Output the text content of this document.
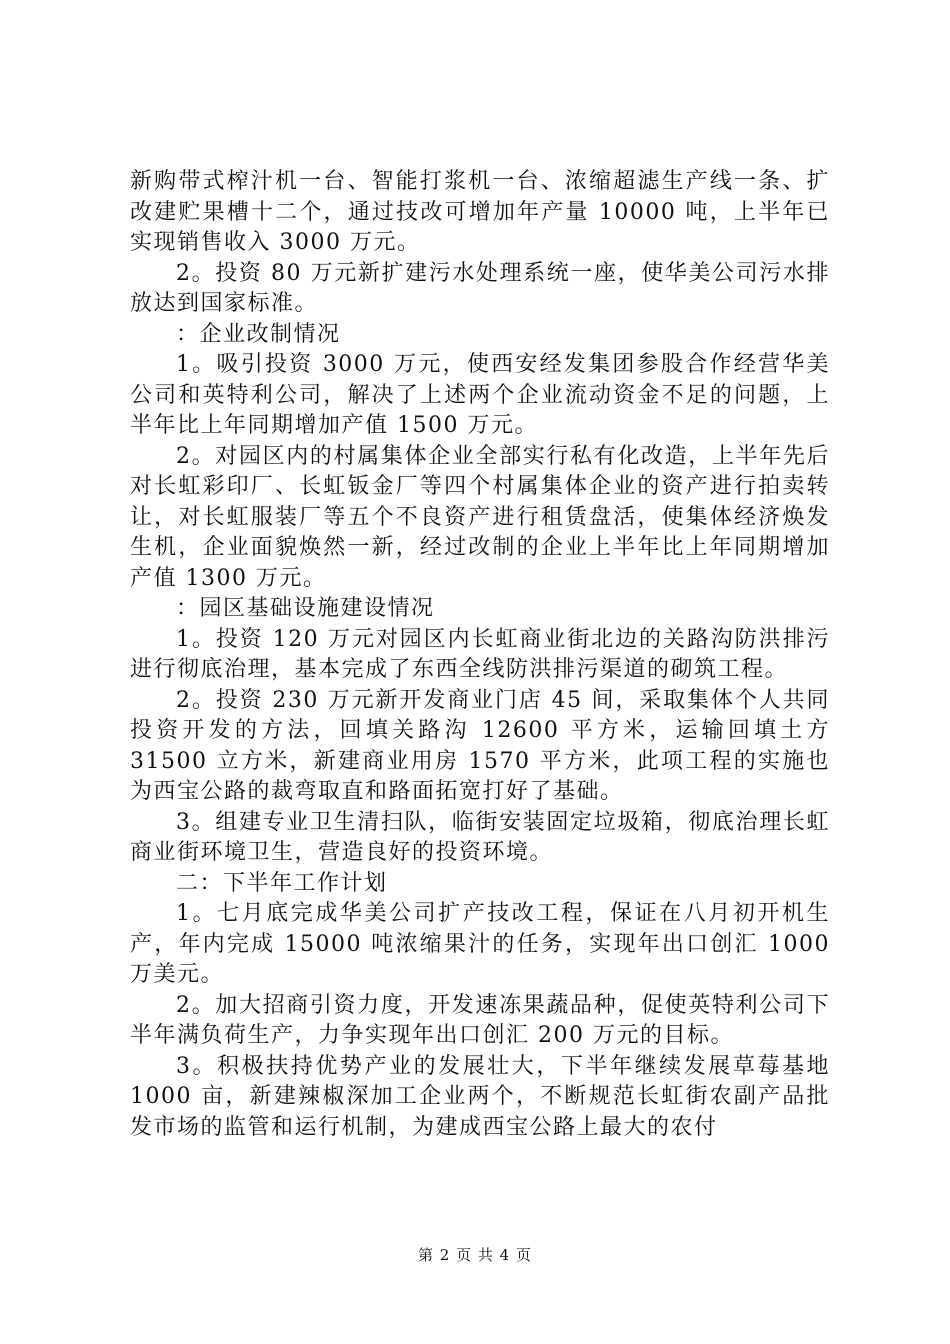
新购带式榨汁机一台、智能打浆机一台、浓缩超滤生产线一条、扩改建贮果槽十二个，通过技改可增加年产量 10000 吨，上半年已实现销售收入 3000 万元。

2。投资 80 万元新扩建污水处理系统一座，使华美公司污水排放达到国家标准。

：企业改制情况

1。吸引投资 3000 万元，使西安经发集团参股合作经营华美公司和英特利公司，解决了上述两个企业流动资金不足的问题，上半年比上年同期增加产值 1500 万元。

2。对园区内的村属集体企业全部实行私有化改造，上半年先后对长虹彩印厂、长虹钣金厂等四个村属集体企业的资产进行拍卖转让，对长虹服装厂等五个不良资产进行租赁盘活，使集体经济焕发生机，企业面貌焕然一新，经过改制的企业上半年比上年同期增加产值 1300 万元。

：园区基础设施建设情况

1。投资 120 万元对园区内长虹商业街北边的关路沟防洪排污进行彻底治理，基本完成了东西全线防洪排污渠道的砌筑工程。

2。投资 230 万元新开发商业门店 45 间，采取集体个人共同投资开发的方法，回填关路沟 12600 平方米，运输回填土方 31500 立方米，新建商业用房 1570 平方米，此项工程的实施也为西宝公路的裁弯取直和路面拓宽打好了基础。

3。组建专业卫生清扫队，临街安装固定垃圾箱，彻底治理长虹商业街环境卫生，营造良好的投资环境。

二：下半年工作计划

1。七月底完成华美公司扩产技改工程，保证在八月初开机生产，年内完成 15000 吨浓缩果汁的任务，实现年出口创汇 1000 万美元。

2。加大招商引资力度，开发速冻果蔬品种，促使英特利公司下半年满负荷生产，力争实现年出口创汇 200 万元的目标。

3。积极扶持优势产业的发展壮大，下半年继续发展草莓基地 1000 亩，新建辣椒深加工企业两个，不断规范长虹街农副产品批发市场的监管和运行机制，为建成西宝公路上最大的农付

第 2 页 共 4 页
